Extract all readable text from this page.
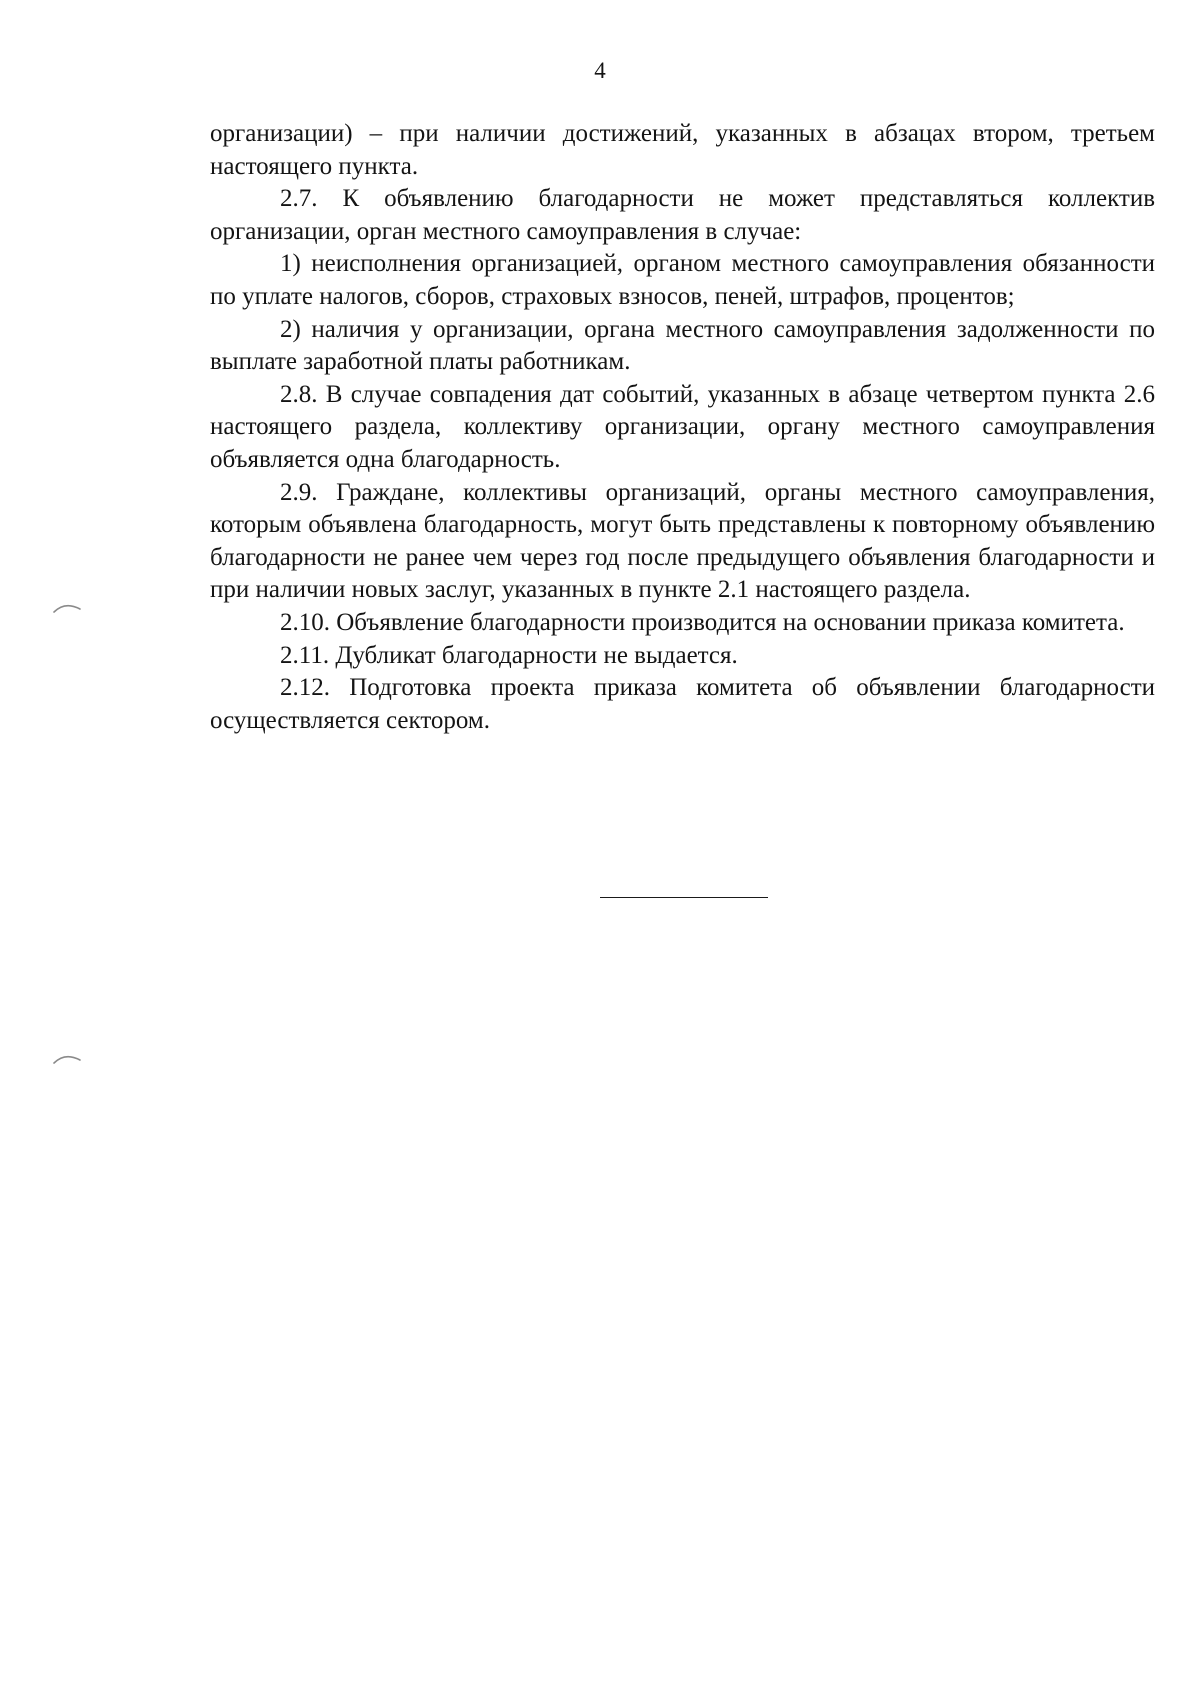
4

организации) – при наличии достижений, указанных в абзацах втором, третьем настоящего пункта.

2.7. К объявлению благодарности не может представляться коллектив организации, орган местного самоуправления в случае:

1) неисполнения организацией, органом местного самоуправления обязанности по уплате налогов, сборов, страховых взносов, пеней, штрафов, процентов;

2) наличия у организации, органа местного самоуправления задолженности по выплате заработной платы работникам.

2.8. В случае совпадения дат событий, указанных в абзаце четвертом пункта 2.6 настоящего раздела, коллективу организации, органу местного самоуправления объявляется одна благодарность.

2.9. Граждане, коллективы организаций, органы местного самоуправления, которым объявлена благодарность, могут быть представлены к повторному объявлению благодарности не ранее чем через год после предыдущего объявления благодарности и при наличии новых заслуг, указанных в пункте 2.1 настоящего раздела.

2.10. Объявление благодарности производится на основании приказа комитета.

2.11. Дубликат благодарности не выдается.

2.12. Подготовка проекта приказа комитета об объявлении благодарности осуществляется сектором.
